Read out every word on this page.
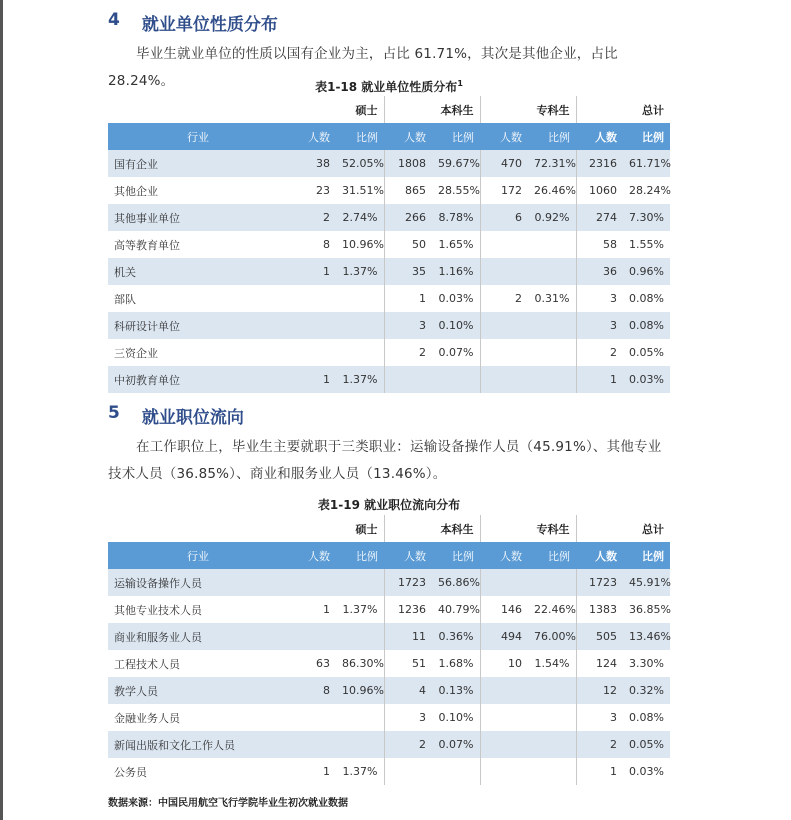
4 就业单位性质分布
毕业生就业单位的性质以国有企业为主，占比 61.71%，其次是其他企业，占比 28.24%。	表1-18 就业单位性质分布$^1$
	硕士		本科生		专科生		总计	
行业	人数	比例	人数	比例	人数	比例	人数	比例
国有企业	38	52.05%	1808	59.67%	470	72.31%	2316	61.71%
其他企业	23	31.51%	865	28.55%	172	26.46%	1060	28.24%
其他事业单位	2	2.74%	266	8.78%	6	0.92%	274	7.30%
高等教育单位	8	10.96%	50	1.65%			58	1.55%
机关	1	1.37%	35	1.16%			36	0.96%
部队			1	0.03%	2	0.31%	3	0.08%
科研设计单位			3	0.10%			3	0.08%
三资企业			2	0.07%			2	0.05%
中初教育单位	1	1.37%					1	0.03%
5 就业职位流向
在工作职位上，毕业生主要就职于三类职业：运输设备操作人员（45.91%）、其他专业技术人员（36.85%）、商业和服务业人员（13.46%）。
表1-19 就业职位流向分布
	硕士		本科生		专科生		总计	
行业	人数	比例	人数	比例	人数	比例	人数	比例
运输设备操作人员			1723	56.86%			1723	45.91%
其他专业技术人员	1	1.37%	1236	40.79%	146	22.46%	1383	36.85%
商业和服务业人员			11	0.36%	494	76.00%	505	13.46%
工程技术人员	63	86.30%	51	1.68%	10	1.54%	124	3.30%
教学人员	8	10.96%	4	0.13%			12	0.32%
金融业务人员			3	0.10%			3	0.08%
新闻出版和文化工作人员			2	0.07%			2	0.05%
公务员	1	1.37%					1	0.03%
数据来源：中国民用航空飞行学院毕业生初次就业数据
